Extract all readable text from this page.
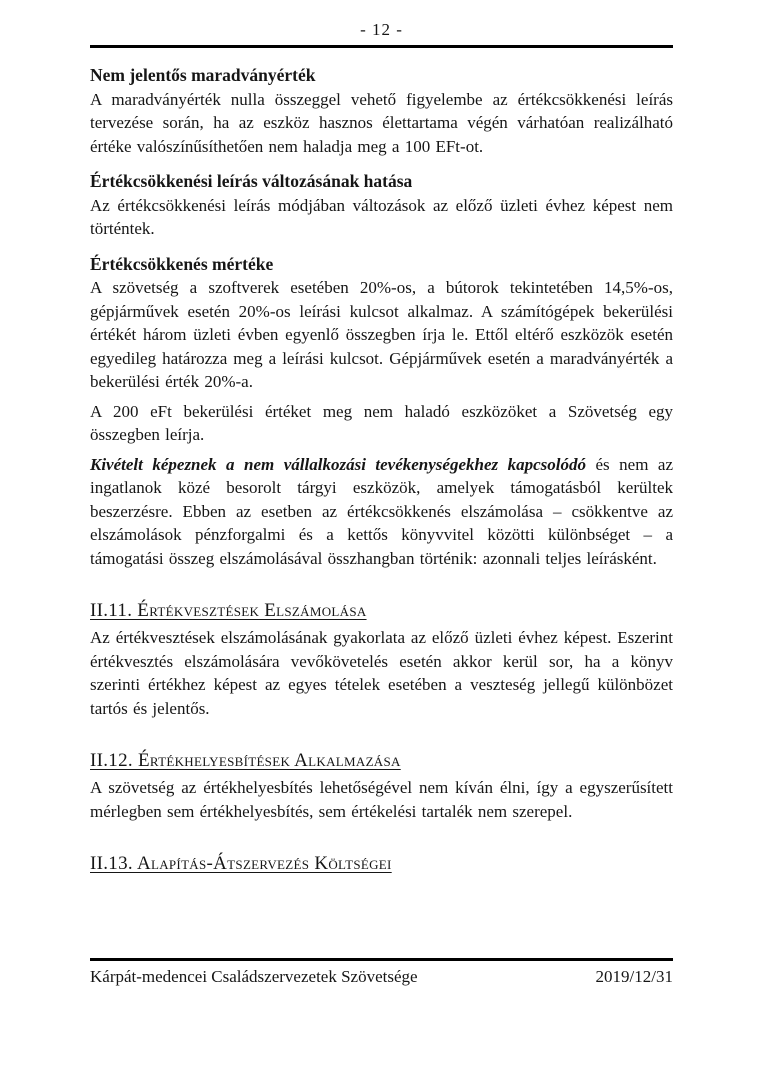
- 12 -
Nem jelentős maradványérték

A maradványérték nulla összeggel vehető figyelembe az értékcsökkenési leírás tervezése során, ha az eszköz hasznos élettartama végén várhatóan realizálható értéke valószínűsíthetően nem haladja meg a 100 EFt-ot.

Értékcsökkenési leírás változásának hatása

Az értékcsökkenési leírás módjában változások az előző üzleti évhez képest nem történtek.

Értékcsökkenés mértéke

A szövetség a szoftverek esetében 20%-os, a bútorok tekintetében 14,5%-os, gépjárművek esetén 20%-os leírási kulcsot alkalmaz. A számítógépek bekerülési értékét három üzleti évben egyenlő összegben írja le. Ettől eltérő eszközök esetén egyedileg határozza meg a leírási kulcsot. Gépjárművek esetén a maradványérték a bekerülési érték 20%-a.

A 200 eFt bekerülési értéket meg nem haladó eszközöket a Szövetség egy összegben leírja.

Kivételt képeznek a nem vállalkozási tevékenységekhez kapcsolódó és nem az ingatlanok közé besorolt tárgyi eszközök, amelyek támogatásból kerültek beszerzésre. Ebben az esetben az értékcsökkenés elszámolása – csökkentve az elszámolások pénzforgalmi és a kettős könyvvitel közötti különbséget – a támogatási összeg elszámolásával összhangban történik: azonnali teljes leírásként.

II.11. Értékvesztések Elszámolása

Az értékvesztések elszámolásának gyakorlata az előző üzleti évhez képest. Eszerint értékvesztés elszámolására vevőkövetelés esetén akkor kerül sor, ha a könyv szerinti értékhez képest az egyes tételek esetében a veszteség jellegű különbözet tartós és jelentős.

II.12. Értékhelyesbítések Alkalmazása

A szövetség az értékhelyesbítés lehetőségével nem kíván élni, így a egyszerűsített mérlegben sem értékhelyesbítés, sem értékelési tartalék nem szerepel.

II.13. Alapítás-Átszervezés Költségei
Kárpát-medencei Családszervezetek Szövetsége	2019/12/31
